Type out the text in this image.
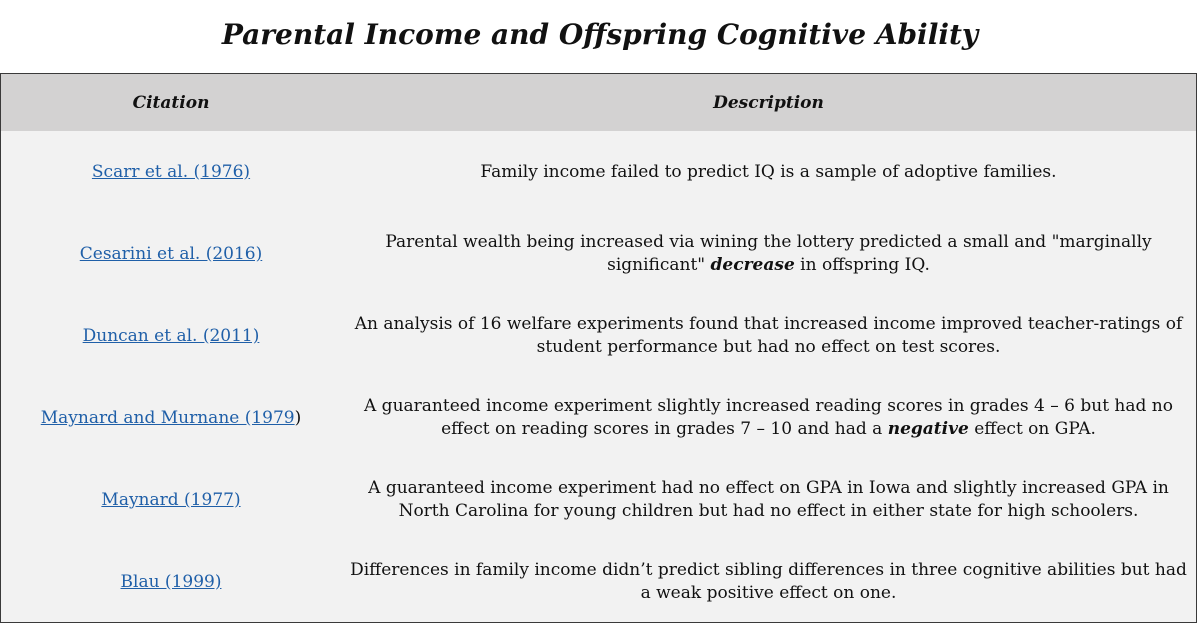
Parental Income and Offspring Cognitive Ability
Citation	Description
Scarr et al. (1976)	Family income failed to predict IQ is a sample of adoptive families.
Cesarini et al. (2016)
Parental wealth being increased via wining the lottery predicted a small and "marginally significant" decrease in offspring IQ.
Duncan et al. (2011)
An analysis of 16 welfare experiments found that increased income improved teacher-ratings of student performance but had no effect on test scores.
Maynard and Murnane (1979)
A guaranteed income experiment slightly increased reading scores in grades 4 – 6 but had no effect on reading scores in grades 7 – 10 and had a negative effect on GPA.
Maynard (1977)
A guaranteed income experiment had no effect on GPA in Iowa and slightly increased GPA in North Carolina for young children but had no effect in either state for high schoolers.
Blau (1999)
Differences in family income didn’t predict sibling differences in three cognitive abilities but had a weak positive effect on one.
